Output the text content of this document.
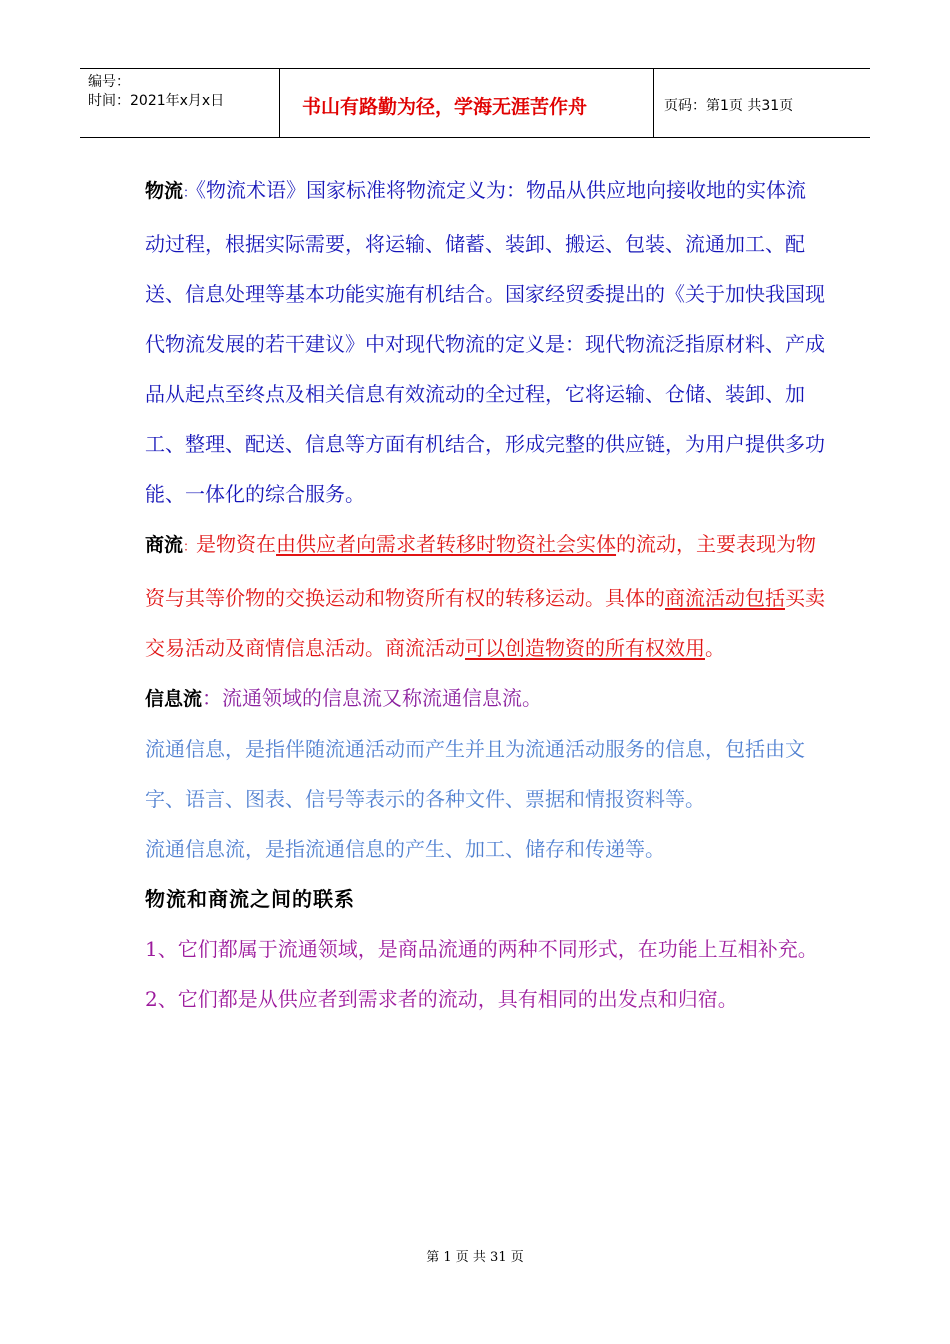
编号：
时间：2021年x月x日	书山有路勤为径，学海无涯苦作舟	页码：第1页 共31页

物流：《物流术语》国家标准将物流定义为：物品从供应地向接收地的实体流动过程，根据实际需要，将运输、储蓄、装卸、搬运、包装、流通加工、配送、信息处理等基本功能实施有机结合。国家经贸委提出的《关于加快我国现代物流发展的若干建议》中对现代物流的定义是：现代物流泛指原材料、产成品从起点至终点及相关信息有效流动的全过程，它将运输、仓储、装卸、加工、整理、配送、信息等方面有机结合，形成完整的供应链，为用户提供多功能、一体化的综合服务。

商流：是物资在由供应者向需求者转移时物资社会实体的流动，主要表现为物资与其等价物的交换运动和物资所有权的转移运动。具体的商流活动包括买卖交易活动及商情信息活动。商流活动可以创造物资的所有权效用。

信息流：流通领域的信息流又称流通信息流。

流通信息，是指伴随流通活动而产生并且为流通活动服务的信息，包括由文字、语言、图表、信号等表示的各种文件、票据和情报资料等。

流通信息流，是指流通信息的产生、加工、储存和传递等。

物流和商流之间的联系

1、它们都属于流通领域，是商品流通的两种不同形式，在功能上互相补充。

2、它们都是从供应者到需求者的流动，具有相同的出发点和归宿。

第 1 页 共 31 页
